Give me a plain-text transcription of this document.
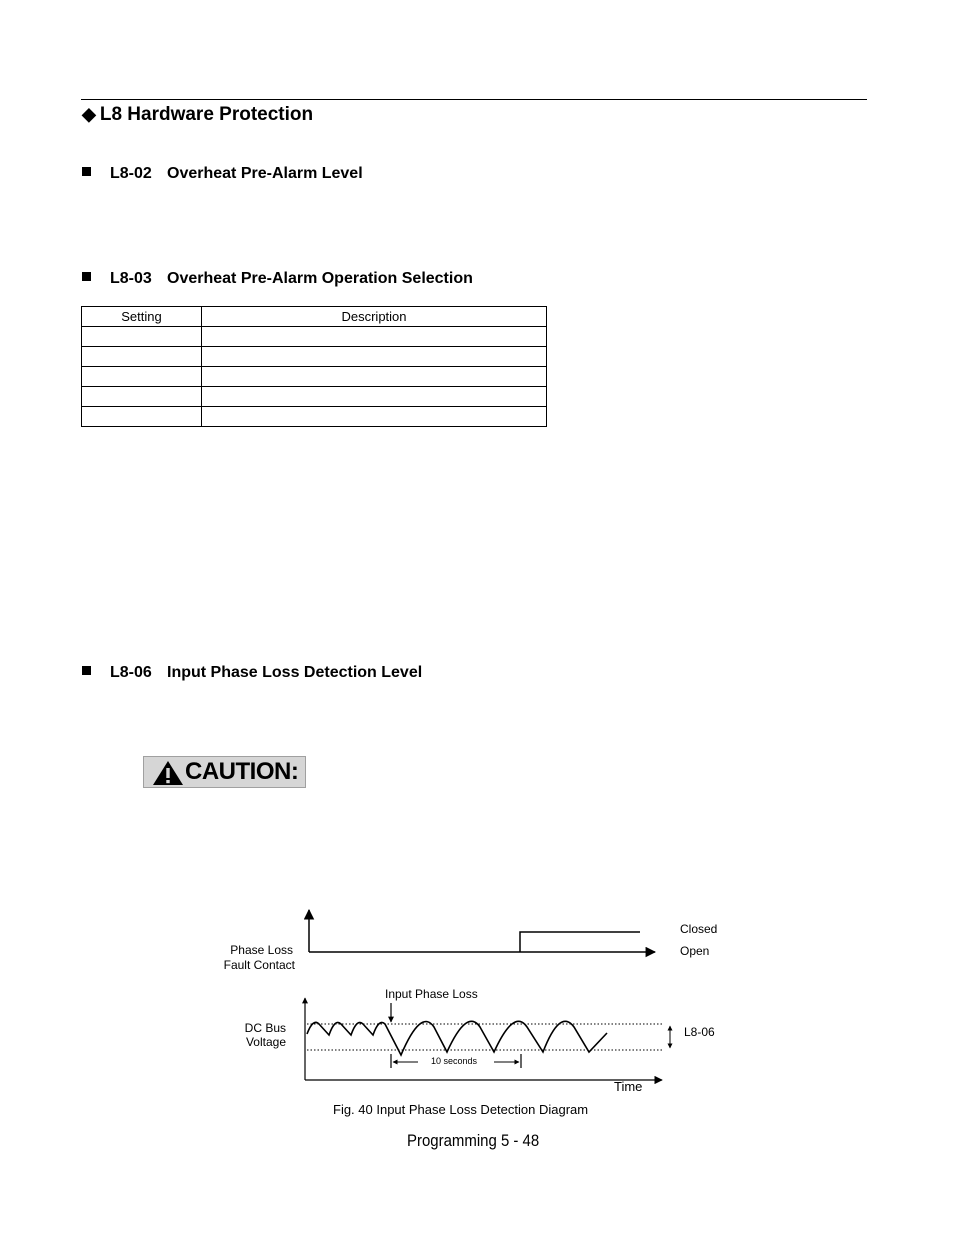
◆ L8 Hardware Protection
L8-02 Overheat Pre-Alarm Level
L8-03 Overheat Pre-Alarm Operation Selection
Setting	Description

L8-06 Input Phase Loss Detection Level
CAUTION:
Phase Loss
Fault Contact
Closed
Open
Input Phase Loss
10 seconds
L8-06
DC Bus
Voltage
Time
Fig. 40 Input Phase Loss Detection Diagram
Programming 5 - 48
